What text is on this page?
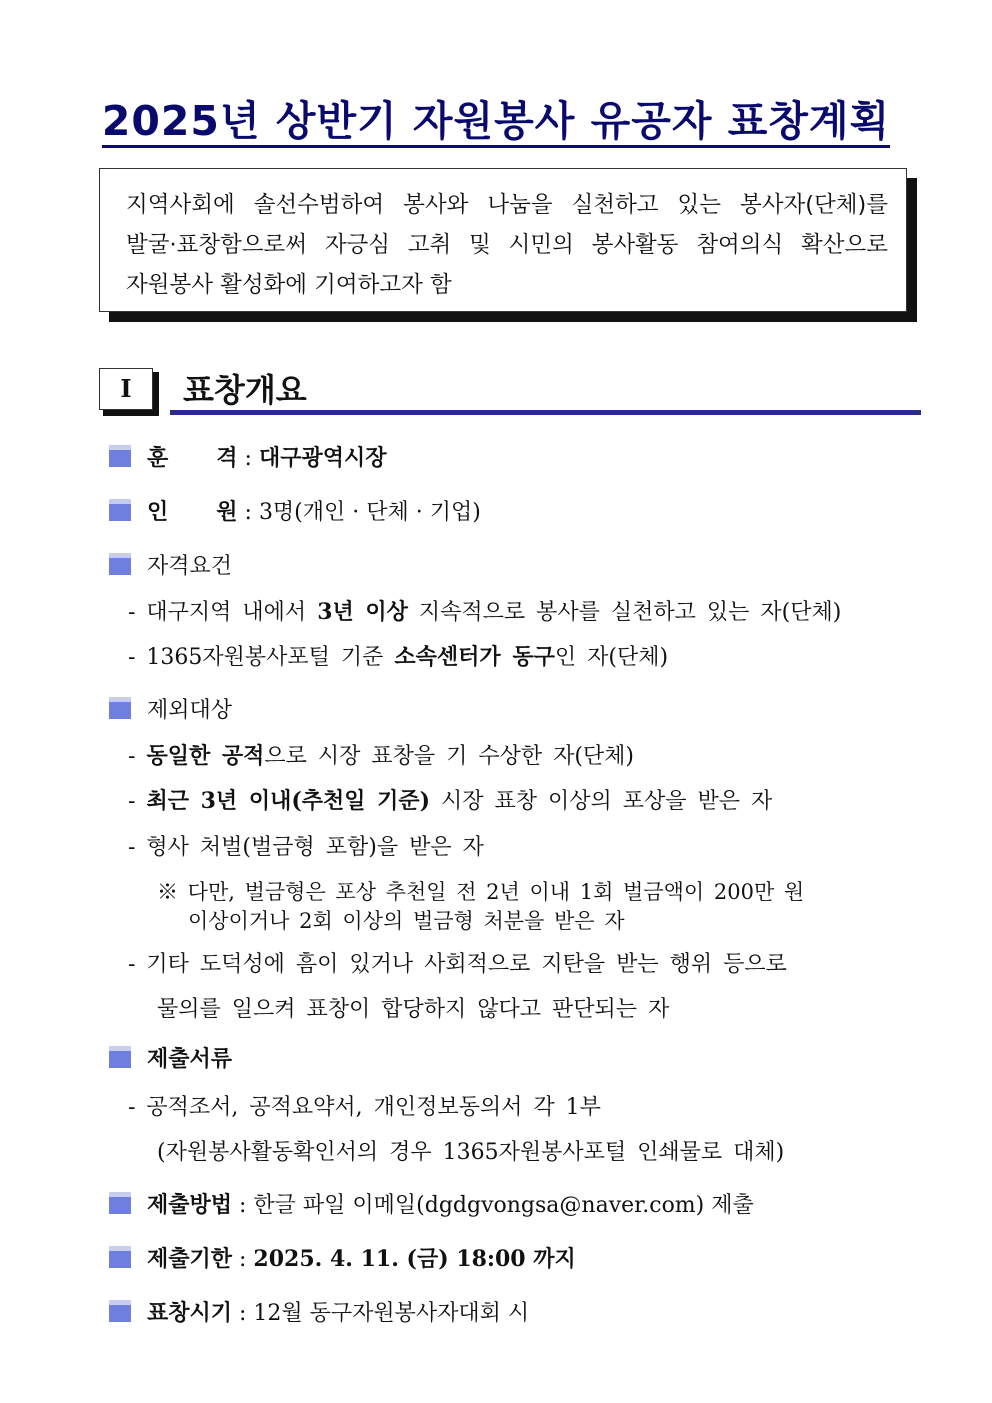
2025년 상반기 자원봉사 유공자 표창계획
지역사회에 솔선수범하여 봉사와 나눔을 실천하고 있는 봉사자(단체)를
발굴·표창함으로써 자긍심 고취 및 시민의 봉사활동 참여의식 확산으로
자원봉사 활성화에 기여하고자 함
I	표창개요
훈 격 : 대구광역시장
인 원 : 3명(개인 · 단체 · 기업)
자격요건
- 대구지역 내에서 3년 이상 지속적으로 봉사를 실천하고 있는 자(단체)
- 1365자원봉사포털 기준 소속센터가 동구인 자(단체)
제외대상
- 동일한 공적으로 시장 표창을 기 수상한 자(단체)
- 최근 3년 이내(추천일 기준) 시장 표창 이상의 포상을 받은 자
- 형사 처벌(벌금형 포함)을 받은 자
※ 다만, 벌금형은 포상 추천일 전 2년 이내 1회 벌금액이 200만 원
이상이거나 2회 이상의 벌금형 처분을 받은 자
- 기타 도덕성에 흠이 있거나 사회적으로 지탄을 받는 행위 등으로
물의를 일으켜 표창이 합당하지 않다고 판단되는 자
제출서류
- 공적조서, 공적요약서, 개인정보동의서 각 1부
(자원봉사활동확인서의 경우 1365자원봉사포털 인쇄물로 대체)
제출방법 : 한글 파일 이메일(dgdgvongsa@naver.com) 제출
제출기한 : 2025. 4. 11. (금) 18:00 까지
표창시기 : 12월 동구자원봉사자대회 시
